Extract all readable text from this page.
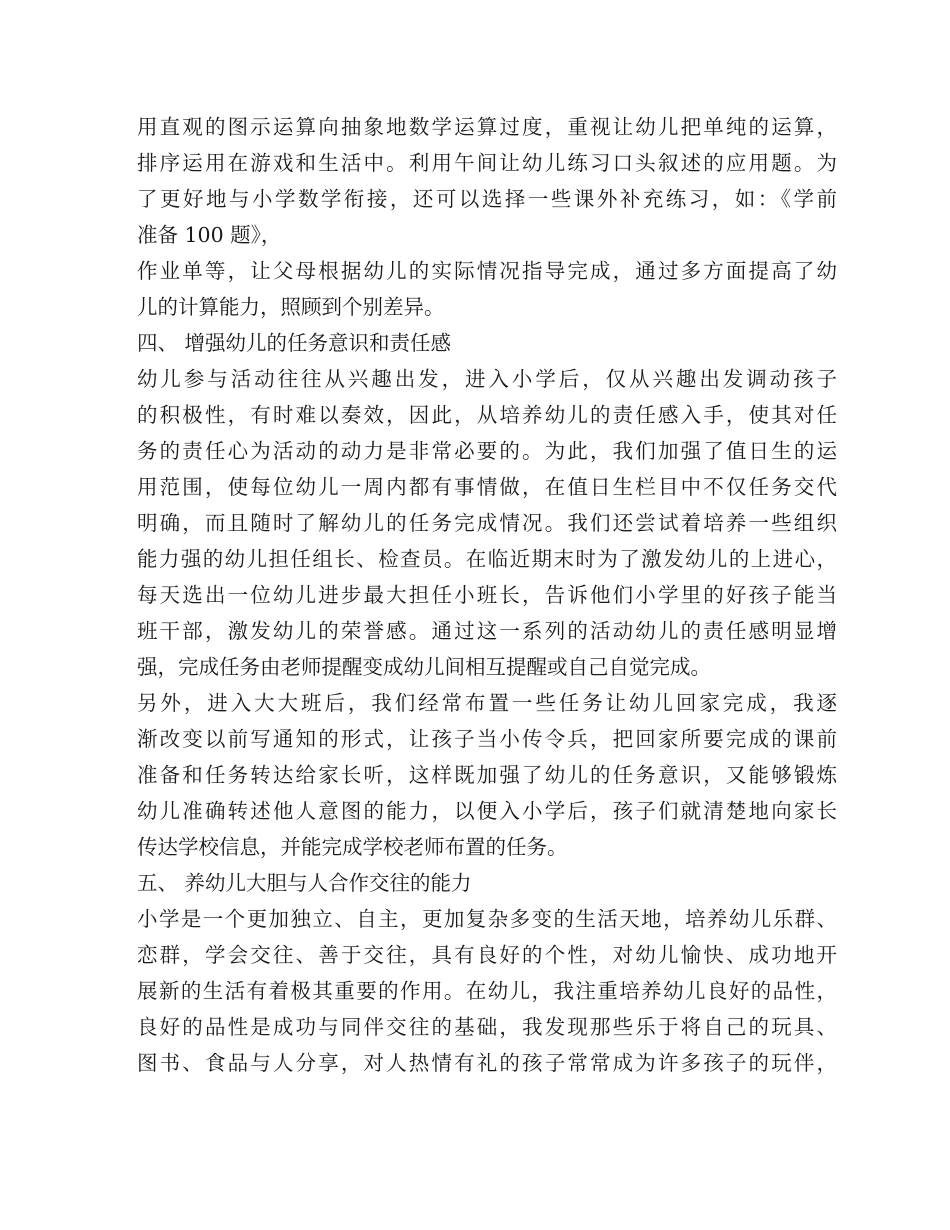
用直观的图示运算向抽象地数学运算过度，重视让幼儿把单纯的运算，
排序运用在游戏和生活中。利用午间让幼儿练习口头叙述的应用题。为
了更好地与小学数学衔接，还可以选择一些课外补充练习，如：《学前
准备 100 题》，
作业单等，让父母根据幼儿的实际情况指导完成，通过多方面提高了幼
儿的计算能力，照顾到个别差异。
四、 增强幼儿的任务意识和责任感
幼儿参与活动往往从兴趣出发，进入小学后，仅从兴趣出发调动孩子
的积极性，有时难以奏效，因此，从培养幼儿的责任感入手，使其对任
务的责任心为活动的动力是非常必要的。为此，我们加强了值日生的运
用范围，使每位幼儿一周内都有事情做，在值日生栏目中不仅任务交代
明确，而且随时了解幼儿的任务完成情况。我们还尝试着培养一些组织
能力强的幼儿担任组长、检查员。在临近期末时为了激发幼儿的上进心，
每天选出一位幼儿进步最大担任小班长，告诉他们小学里的好孩子能当
班干部，激发幼儿的荣誉感。通过这一系列的活动幼儿的责任感明显增
强，完成任务由老师提醒变成幼儿间相互提醒或自己自觉完成。
另外，进入大大班后，我们经常布置一些任务让幼儿回家完成，我逐
渐改变以前写通知的形式，让孩子当小传令兵，把回家所要完成的课前
准备和任务转达给家长听，这样既加强了幼儿的任务意识，又能够锻炼
幼儿准确转述他人意图的能力，以便入小学后，孩子们就清楚地向家长
传达学校信息，并能完成学校老师布置的任务。
五、 养幼儿大胆与人合作交往的能力
小学是一个更加独立、自主，更加复杂多变的生活天地，培养幼儿乐群、
恋群，学会交往、善于交往，具有良好的个性，对幼儿愉快、成功地开
展新的生活有着极其重要的作用。在幼儿，我注重培养幼儿良好的品性，
良好的品性是成功与同伴交往的基础，我发现那些乐于将自己的玩具、
图书、食品与人分享，对人热情有礼的孩子常常成为许多孩子的玩伴，
